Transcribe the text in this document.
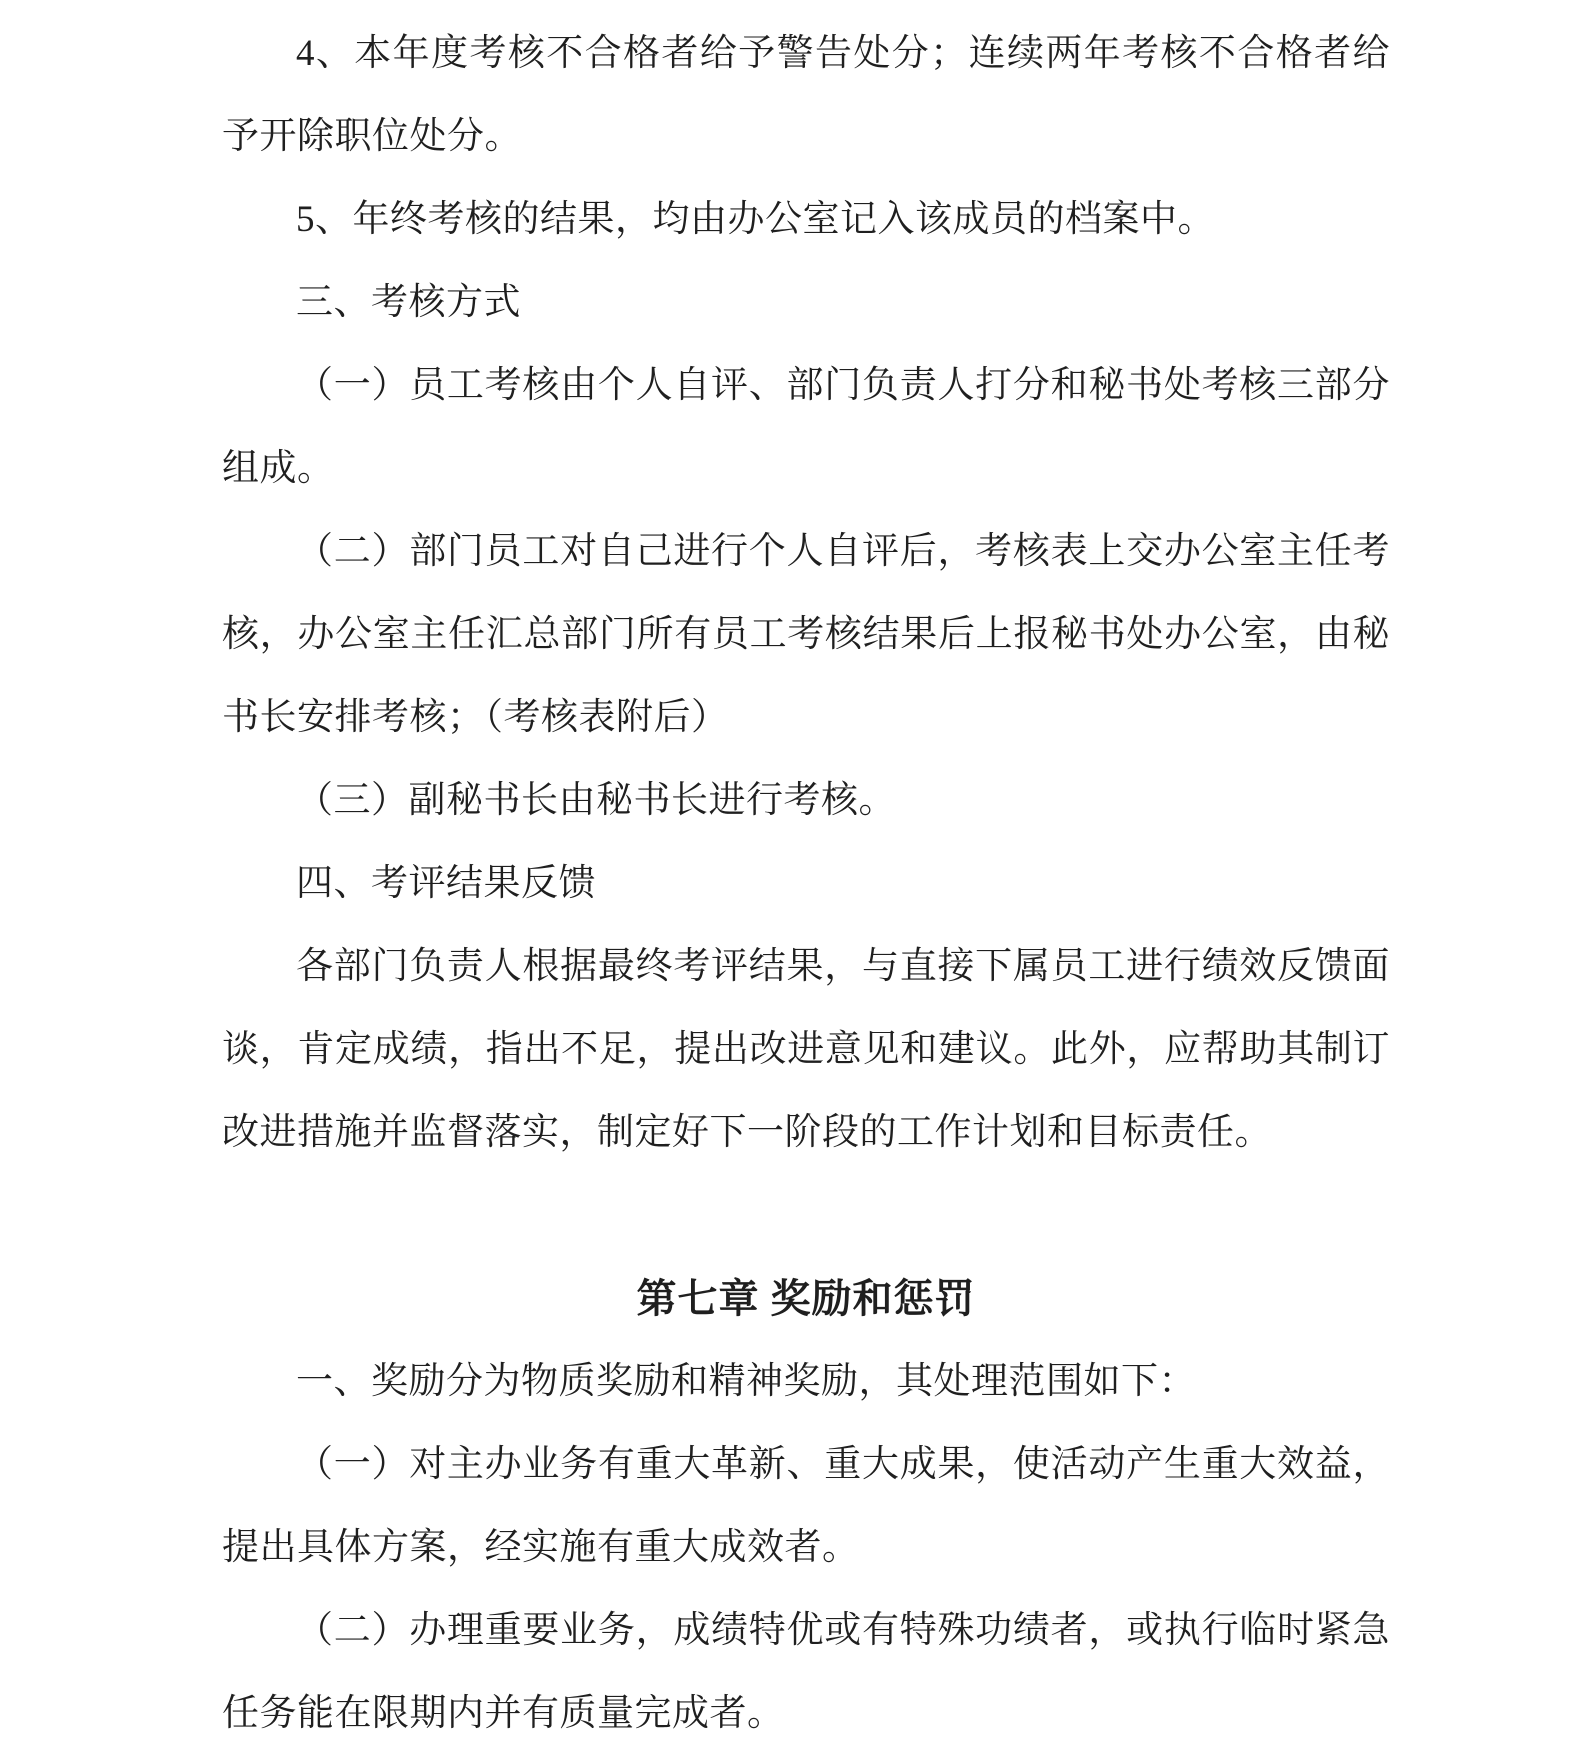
4、本年度考核不合格者给予警告处分；连续两年考核不合格者给予开除职位处分。

5、年终考核的结果，均由办公室记入该成员的档案中。

三、考核方式

（一）员工考核由个人自评、部门负责人打分和秘书处考核三部分组成。

（二）部门员工对自己进行个人自评后，考核表上交办公室主任考核，办公室主任汇总部门所有员工考核结果后上报秘书处办公室，由秘书长安排考核；（考核表附后）

（三）副秘书长由秘书长进行考核。

四、考评结果反馈

各部门负责人根据最终考评结果，与直接下属员工进行绩效反馈面谈，肯定成绩，指出不足，提出改进意见和建议。此外，应帮助其制订改进措施并监督落实，制定好下一阶段的工作计划和目标责任。

第七章 奖励和惩罚

一、奖励分为物质奖励和精神奖励，其处理范围如下：

（一）对主办业务有重大革新、重大成果，使活动产生重大效益，提出具体方案，经实施有重大成效者。

（二）办理重要业务，成绩特优或有特殊功绩者，或执行临时紧急任务能在限期内并有质量完成者。
